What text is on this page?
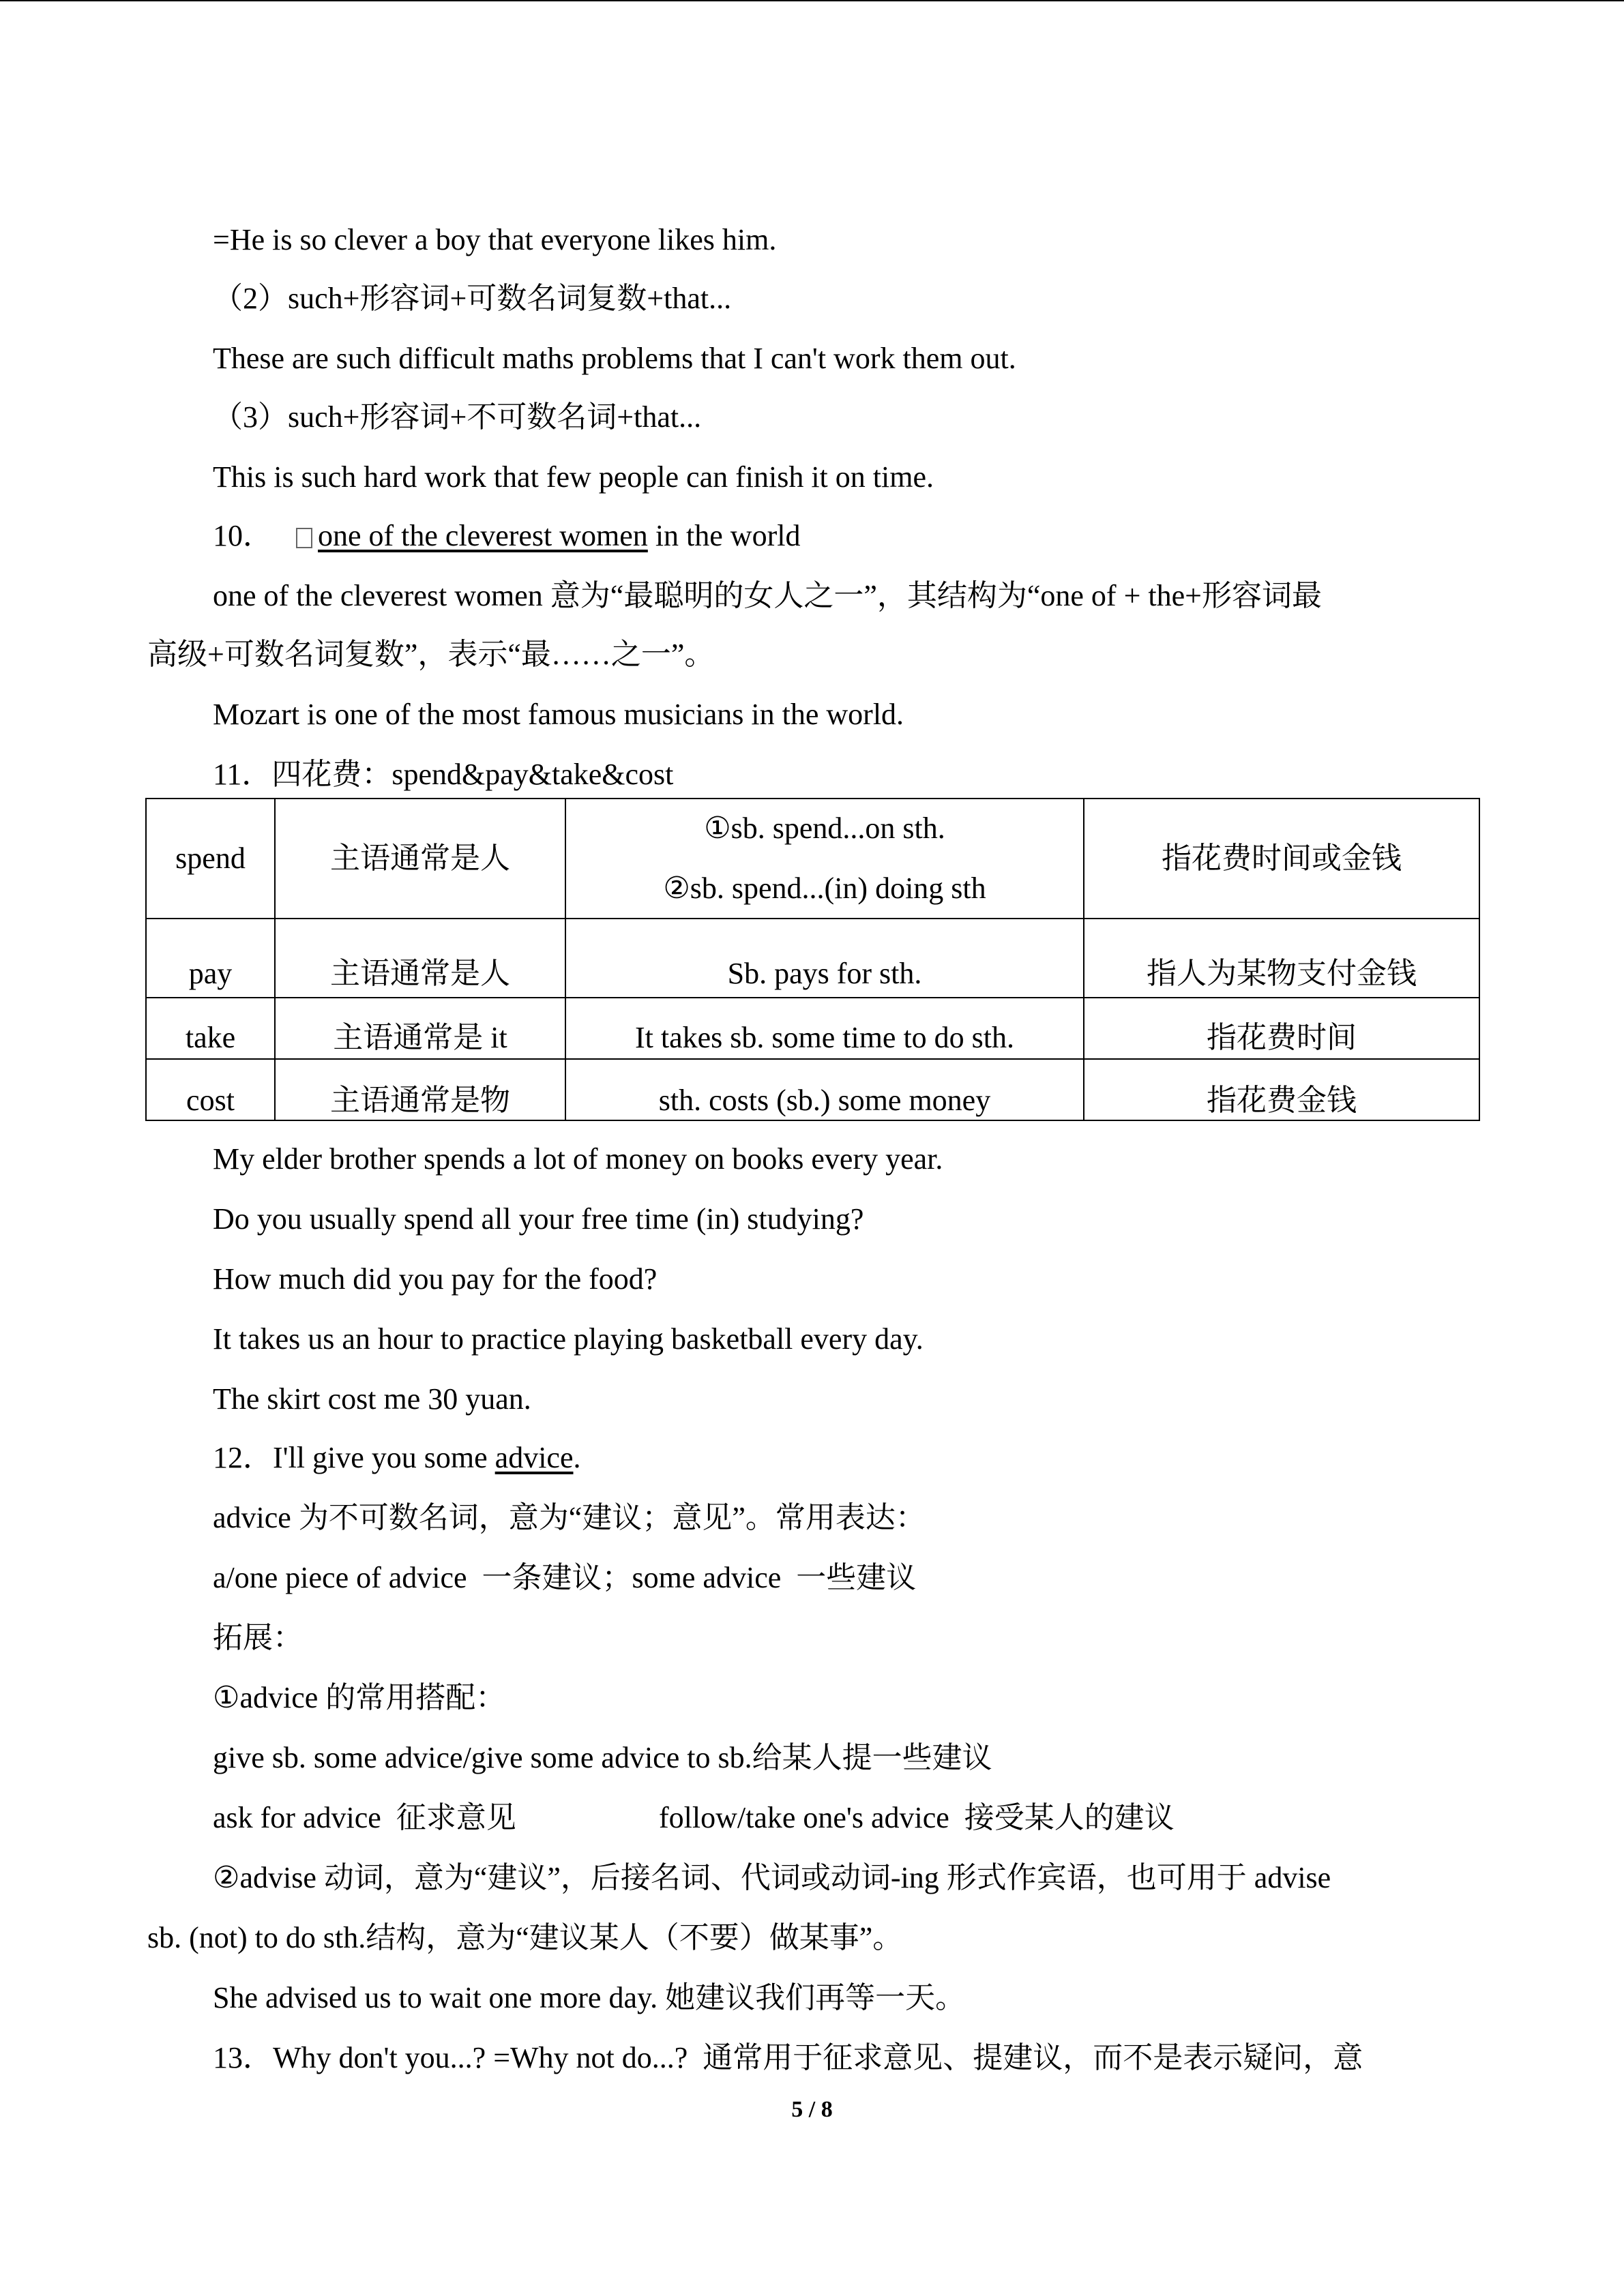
=He is so clever a boy that everyone likes him.
（2）such+形容词+可数名词复数+that...
These are such difficult maths problems that I can't work them out.
（3）such+形容词+不可数名词+that...
This is such hard work that few people can finish it on time.
10． one of the cleverest women in the world
one of the cleverest women 意为“最聪明的女人之一”，其结构为“one of + the+形容词最
高级+可数名词复数”，表示“最……之一”。
Mozart is one of the most famous musicians in the world.
11．四花费：spend&pay&take&cost
spend	主语通常是人	①sb. spend...on sth.
②sb. spend...(in) doing sth	指花费时间或金钱
pay	主语通常是人	Sb. pays for sth.	指人为某物支付金钱
take	主语通常是 it	It takes sb. some time to do sth.	指花费时间
cost	主语通常是物	sth. costs (sb.) some money	指花费金钱
My elder brother spends a lot of money on books every year.
Do you usually spend all your free time (in) studying?
How much did you pay for the food?
It takes us an hour to practice playing basketball every day.
The skirt cost me 30 yuan.
12．I'll give you some advice.
advice 为不可数名词，意为“建议；意见”。常用表达：
a/one piece of advice  一条建议；some advice  一些建议
拓展：
①advice 的常用搭配：
give sb. some advice/give some advice to sb.给某人提一些建议
ask for advice  征求意见	follow/take one's advice  接受某人的建议
②advise 动词，意为“建议”，后接名词、代词或动词-ing 形式作宾语，也可用于 advise
sb. (not) to do sth.结构，意为“建议某人（不要）做某事”。
She advised us to wait one more day. 她建议我们再等一天。
13．Why don't you...? =Why not do...?  通常用于征求意见、提建议，而不是表示疑问，意
5 / 8
